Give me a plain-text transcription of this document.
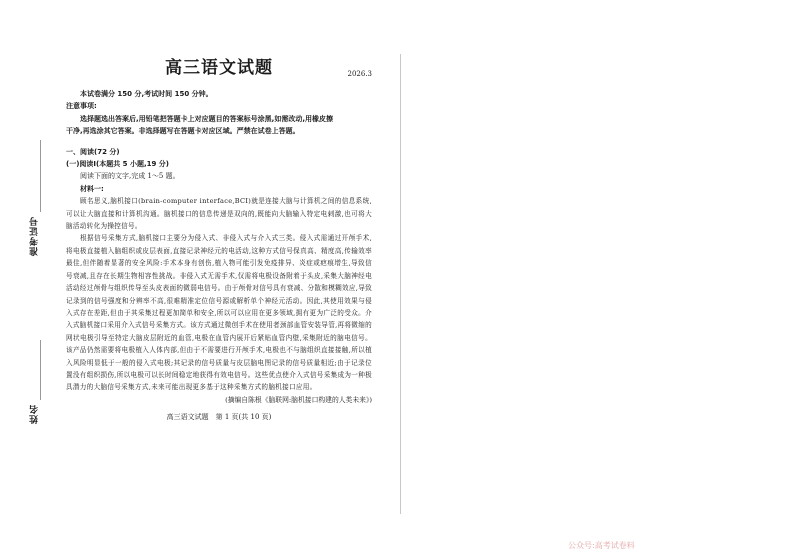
准考证号
姓名
高三语文试题	2026.3

本试卷满分 150 分,考试时间 150 分钟。

注意事项:

选择题选出答案后,用铅笔把答题卡上对应题目的答案标号涂黑,如需改动,用橡皮擦

干净,再选涂其它答案。非选择题写在答题卡对应区域。严禁在试卷上答题。

一、阅读(72 分)

(一)阅读Ⅰ(本题共 5 小题,19 分)

阅读下面的文字,完成 1～5 题。

材料一:

顾名思义,脑机接口(brain-computer interface,BCI)就是连接大脑与计算机之间的信息系统,可以让大脑直接和计算机沟通。脑机接口的信息传递是双向的,既能向大脑输入特定电刺激,也可将大脑活动转化为操控信号。

根据信号采集方式,脑机接口主要分为侵入式、非侵入式与介入式三类。侵入式需通过开颅手术,将电极直接植入脑组织或皮层表面,直接记录神经元的电活动,这种方式信号保真高、精度高,传输效率最佳,但伴随着显著的安全风险:手术本身有创伤,植入物可能引发免疫排异、炎症或疤痕增生,导致信号衰减,且存在长期生物相容性挑战。非侵入式无需手术,仅需将电极设备附着于头皮,采集大脑神经电活动经过颅骨与组织传导至头皮表面的微弱电信号。由于颅骨对信号具有衰减、分散和模糊效应,导致记录到的信号强度和分辨率不高,很难精准定位信号源或解析单个神经元活动。因此,其使用效果与侵入式存在差距,但由于其采集过程更加简单和安全,所以可以应用在更多领域,拥有更为广泛的受众。介入式脑机接口采用介入式信号采集方式。该方式通过微创手术在使用者颈部血管安装导管,再将微缩的网状电极引导至特定大脑皮层附近的血管,电极在血管内展开后紧贴血管内壁,采集附近的脑电信号。该产品仍然需要将电极植入人体内部,但由于不需要进行开颅手术,电极也不与脑组织直接接触,所以植入风险明显低于一般的侵入式电极;其记录的信号质量与皮层脑电图记录的信号质量相近;由于记录位置没有组织损伤,所以电极可以长时间稳定地获得有效电信号。这些优点使介入式信号采集成为一种极具潜力的大脑信号采集方式,未来可能出现更多基于这种采集方式的脑机接口应用。

(摘编自陈根《脑联网:脑机接口构建的人类未来》)

高三语文试题　第 1 页(共 10 页)
公众号:高考试卷料
